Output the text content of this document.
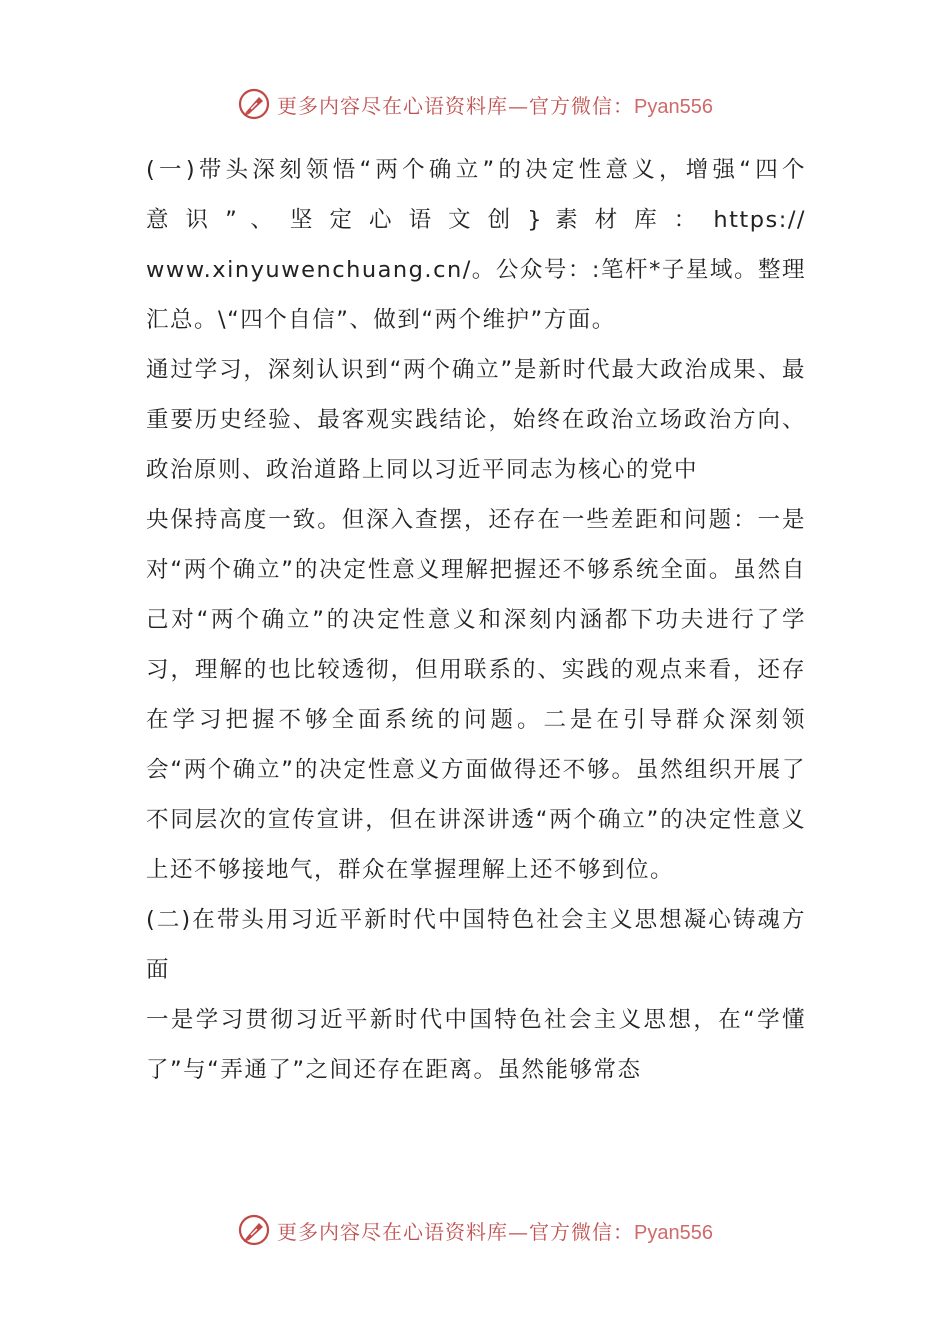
更多内容尽在心语资料库—官方微信：Pyan556

(一)带头深刻领悟“两个确立”的决定性意义，增强“四个

意 识 ” 、 坚 定 心 语 文 创 } 素 材 库 ： https://

www.xinyuwenchuang.cn/。公众号：:笔杆*子星域。整理汇总。\“四个自信”、做到“两个维护”方面。

通过学习，深刻认识到“两个确立”是新时代最大政治成果、最重要历史经验、最客观实践结论，始终在政治立场政治方向、政治原则、政治道路上同以习近平同志为核心的党中

央保持高度一致。但深入查摆，还存在一些差距和问题：一是对“两个确立”的决定性意义理解把握还不够系统全面。虽然自己对“两个确立”的决定性意义和深刻内涵都下功夫进行了学习，理解的也比较透彻，但用联系的、实践的观点来看，还存在学习把握不够全面系统的问题。二是在引导群众深刻领会“两个确立”的决定性意义方面做得还不够。虽然组织开展了不同层次的宣传宣讲，但在讲深讲透“两个确立”的决定性意义上还不够接地气，群众在掌握理解上还不够到位。

(二)在带头用习近平新时代中国特色社会主义思想凝心铸魂方面

一是学习贯彻习近平新时代中国特色社会主义思想，在“学懂了”与“弄通了”之间还存在距离。虽然能够常态

更多内容尽在心语资料库—官方微信：Pyan556
